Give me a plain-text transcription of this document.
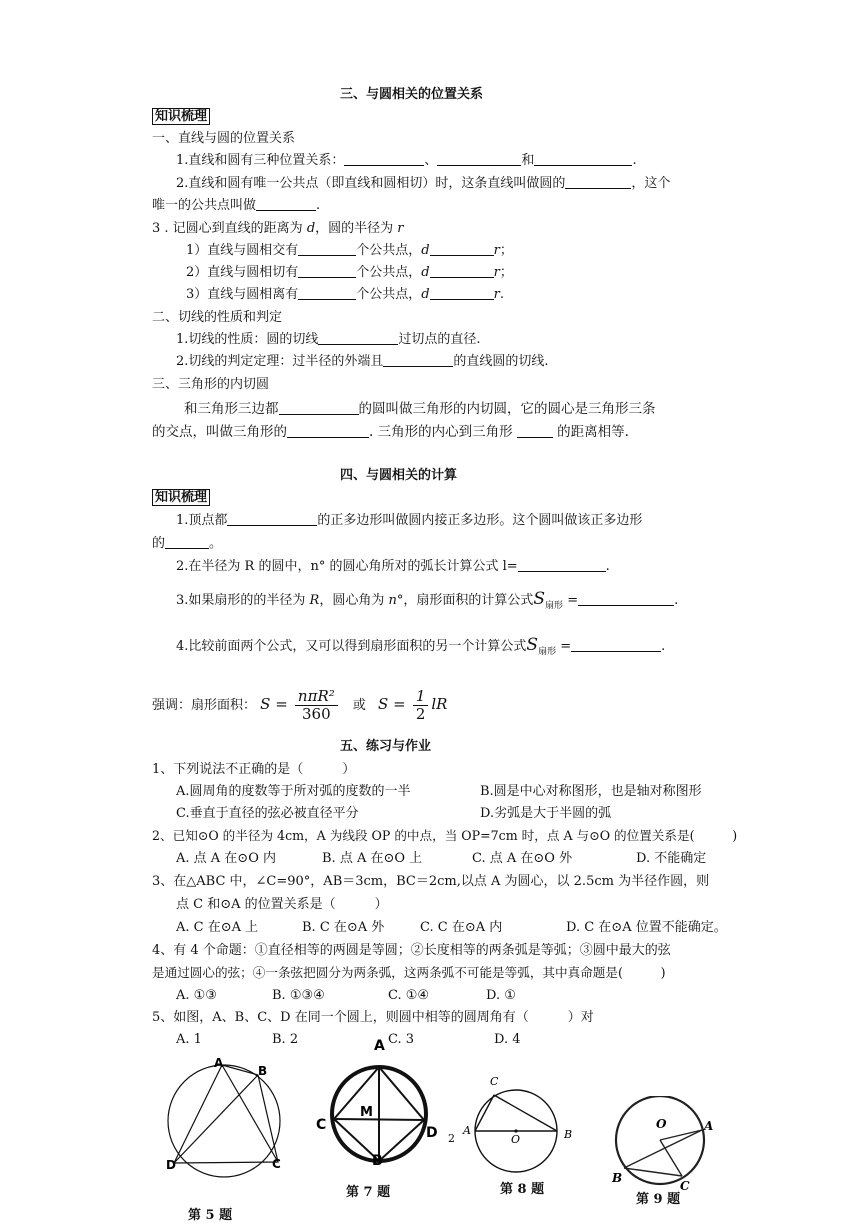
三、与圆相关的位置关系
知识梳理
一、直线与圆的位置关系
1.直线和圆有三种位置关系：	、	和	.
2.直线和圆有唯一公共点（即直线和圆相切）时，这条直线叫做圆的	，这个
唯一的公共点叫做	.
3 . 记圆心到直线的距离为 d，圆的半径为 r
1）直线与圆相交有	个公共点，d	r；
2）直线与圆相切有	个公共点，d	r；
3）直线与圆相离有	个公共点，d	r.
二、切线的性质和判定
1.切线的性质：圆的切线	过切点的直径.
2.切线的判定定理：过半径的外端且	的直线圆的切线.
三、三角形的内切圆
和三角形三边都	的圆叫做三角形的内切圆，它的圆心是三角形三条
的交点，叫做三角形的	. 三角形的内心到三角形	的距离相等.
四、与圆相关的计算
知识梳理
1.顶点都	的正多边形叫做圆内接正多边形。这个圆叫做该正多边形
的	。
2.在半径为 R 的圆中，n° 的圆心角所对的弧长计算公式 l=	.
3.如果扇形的的半径为 R，圆心角为 n°，扇形面积的计算公式$S_{扇形}$ =	.
4.比较前面两个公式，又可以得到扇形面积的另一个计算公式$S_{扇形}$ =	.
强调：扇形面积： $S = \frac{\text{nπR²}}{360}$ 或 $S = \frac{1}{2}$ lR
五、练习与作业
1、下列说法不正确的是（　　　）
A.圆周角的度数等于所对弧的度数的一半	B.圆是中心对称图形，也是轴对称图形
C.垂直于直径的弦必被直径平分	D.劣弧是大于半圆的弧
2、已知⊙O 的半径为 4cm，A 为线段 OP 的中点，当 OP=7cm 时，点 A 与⊙O 的位置关系是(　　　)
A. 点 A 在⊙O 内	B. 点 A 在⊙O 上	C. 点 A 在⊙O 外	D. 不能确定
3、在△ABC 中，∠C=90°，AB＝3cm，BC＝2cm,以点 A 为圆心，以 2.5cm 为半径作圆，则
点 C 和⊙A 的位置关系是（　　　）
A. C 在⊙A 上	B. C 在⊙A 外	C. C 在⊙A 内	D. C 在⊙A 位置不能确定。
4、有 4 个命题：①直径相等的两圆是等圆；②长度相等的两条弧是等弧；③圆中最大的弦
是通过圆心的弦；④一条弦把圆分为两条弧，这两条弧不可能是等弧，其中真命题是(　　　)
A. ①③	B. ①③④	C. ①④	D. ①
5、如图，A、B、C、D 在同一个圆上，则圆中相等的圆周角有（　　　）对
A. 1	B. 2	C. 3	D. 4
A
B
C
D
第 5 题
A
C
M
D 2
B
第 7 题
C
A
O	B
第 8 题
O	A
B
C
第 9 题
